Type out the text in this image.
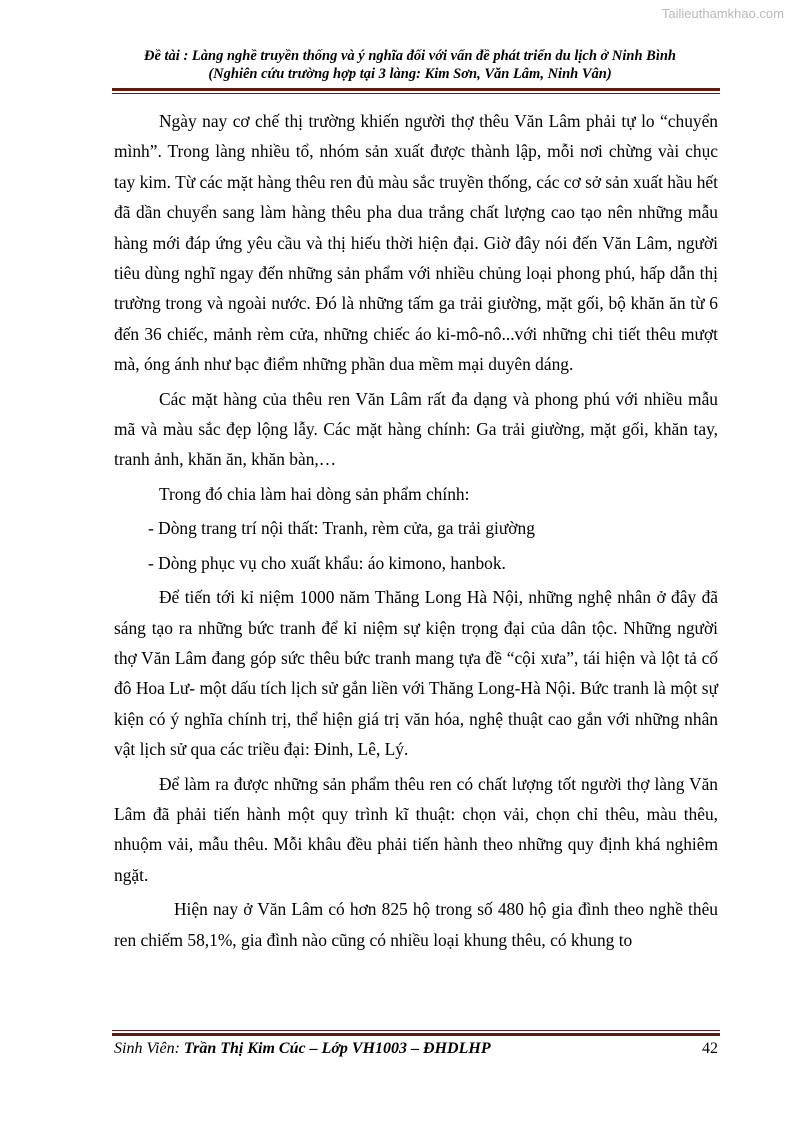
Tailieuthamkhao.com
Đề tài : Làng nghề truyền thống và ý nghĩa đối với vấn đề phát triển du lịch ở Ninh Bình
(Nghiên cứu trường hợp tại 3 làng: Kim Sơn, Văn Lâm, Ninh Vân)

Ngày nay cơ chế thị trường khiến người thợ thêu Văn Lâm phải tự lo “chuyển mình”. Trong làng nhiều tổ, nhóm sản xuất được thành lập, mỗi nơi chừng vài chục tay kim. Từ các mặt hàng thêu ren đủ màu sắc truyền thống, các cơ sở sản xuất hầu hết đã dần chuyển sang làm hàng thêu pha dua trắng chất lượng cao tạo nên những mẫu hàng mới đáp ứng yêu cầu và thị hiếu thời hiện đại. Giờ đây nói đến Văn Lâm, người tiêu dùng nghĩ ngay đến những sản phẩm với nhiều chủng loại phong phú, hấp dẫn thị trường trong và ngoài nước. Đó là những tấm ga trải giường, mặt gối, bộ khăn ăn từ 6 đến 36 chiếc, mảnh rèm cửa, những chiếc áo ki-mô-nô...với những chi tiết thêu mượt mà, óng ánh như bạc điểm những phần dua mềm mại duyên dáng.

Các mặt hàng của thêu ren Văn Lâm rất đa dạng và phong phú với nhiều mẫu mã và màu sắc đẹp lộng lẫy. Các mặt hàng chính: Ga trải giường, mặt gối, khăn tay, tranh ảnh, khăn ăn, khăn bàn,…

Trong đó chia làm hai dòng sản phẩm chính:

- Dòng trang trí nội thất: Tranh, rèm cửa, ga trải giường

- Dòng phục vụ cho xuất khẩu: áo kimono, hanbok.

Để tiến tới kỉ niệm 1000 năm Thăng Long Hà Nội, những nghệ nhân ở đây đã sáng tạo ra những bức tranh để kỉ niệm sự kiện trọng đại của dân tộc. Những người thợ Văn Lâm đang góp sức thêu bức tranh mang tựa đề “cội xưa”, tái hiện và lột tả cố đô Hoa Lư- một dấu tích lịch sử gắn liền với Thăng Long-Hà Nội. Bức tranh là một sự kiện có ý nghĩa chính trị, thể hiện giá trị văn hóa, nghệ thuật cao gắn với những nhân vật lịch sử qua các triều đại: Đinh, Lê, Lý.

Để làm ra được những sản phẩm thêu ren có chất lượng tốt người thợ làng Văn Lâm đã phải tiến hành một quy trình kĩ thuật: chọn vải, chọn chỉ thêu, màu thêu, nhuộm vải, mẫu thêu. Mỗi khâu đều phải tiến hành theo những quy định khá nghiêm ngặt.

Hiện nay ở Văn Lâm có hơn 825 hộ trong số 480 hộ gia đình theo nghề thêu ren chiếm 58,1%, gia đình nào cũng có nhiều loại khung thêu, có khung to

Sinh Viên: Trần Thị Kim Cúc – Lớp VH1003 – ĐHDLHP	42
